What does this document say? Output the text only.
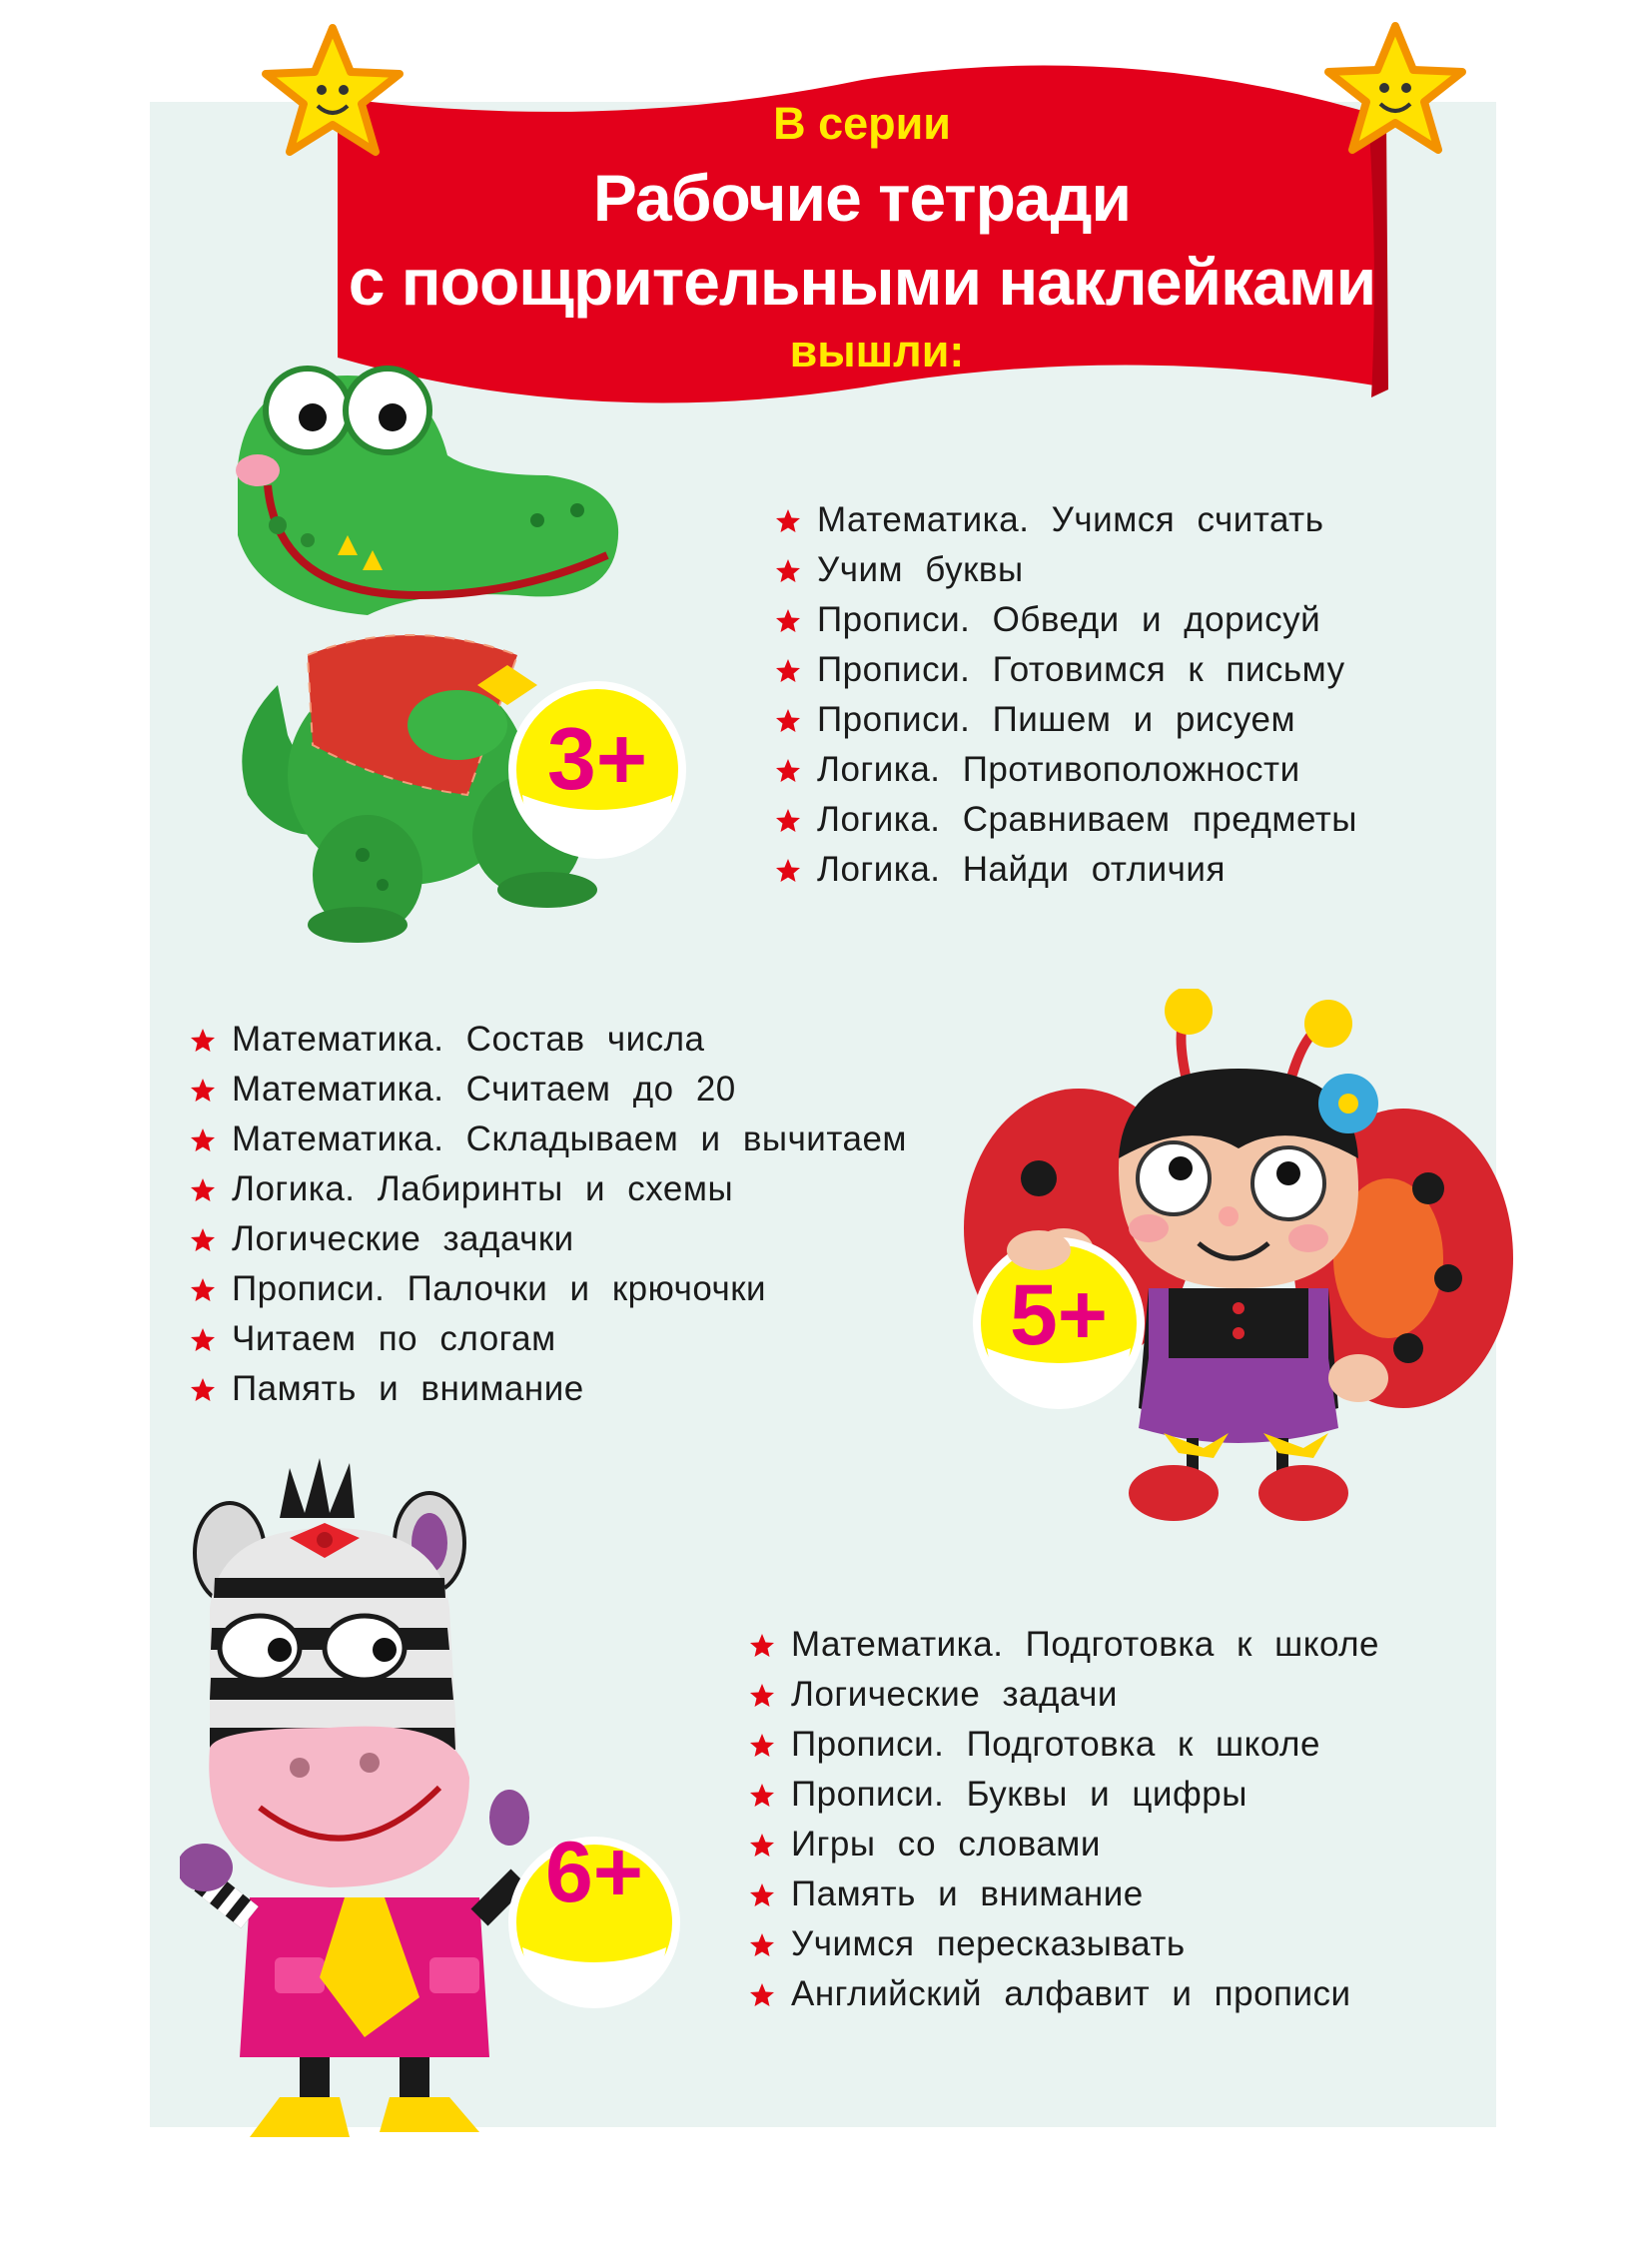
В серии
Рабочие тетради
с поощрительными наклейками
вышли:
3+
Математика. Учимся считать
Учим буквы
Прописи. Обведи и дорисуй
Прописи. Готовимся к письму
Прописи. Пишем и рисуем
Логика. Противоположности
Логика. Сравниваем предметы
Логика. Найди отличия
Математика. Состав числа
Математика. Считаем до 20
Математика. Складываем и вычитаем
Логика. Лабиринты и схемы
Логические задачки
Прописи. Палочки и крючочки
Читаем по слогам
Память и внимание
5+
6+
Математика. Подготовка к школе
Логические задачи
Прописи. Подготовка к школе
Прописи. Буквы и цифры
Игры со словами
Память и внимание
Учимся пересказывать
Английский алфавит и прописи
